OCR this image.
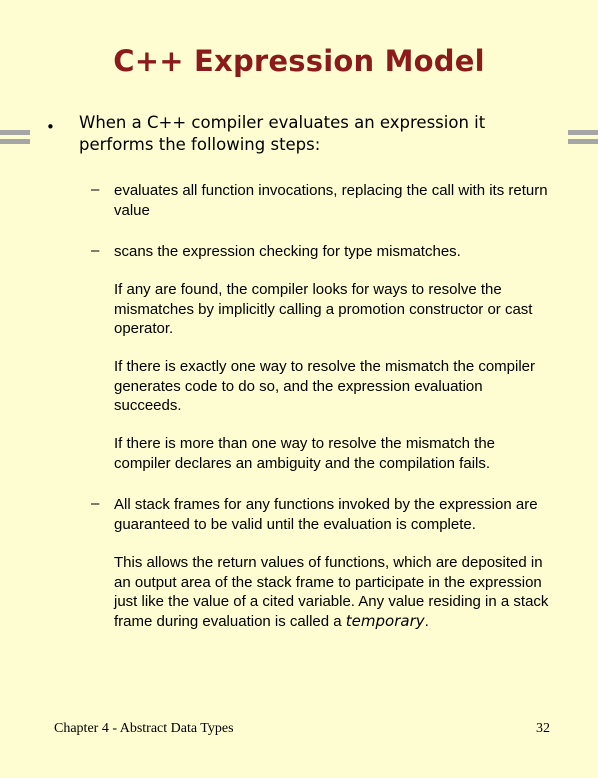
C++ Expression Model
• When a C++ compiler evaluates an expression it performs the following steps:
– evaluates all function invocations, replacing the call with its return value
– scans the expression checking for type mismatches.
If any are found, the compiler looks for ways to resolve the mismatches by implicitly calling a promotion constructor or cast operator.
If there is exactly one way to resolve the mismatch the compiler generates code to do so, and the expression evaluation succeeds.
If there is more than one way to resolve the mismatch the compiler declares an ambiguity and the compilation fails.
– All stack frames for any functions invoked by the expression are guaranteed to be valid until the evaluation is complete.
This allows the return values of functions, which are deposited in an output area of the stack frame to participate in the expression just like the value of a cited variable. Any value residing in a stack frame during evaluation is called a temporary.
Chapter 4 - Abstract Data Types	32
